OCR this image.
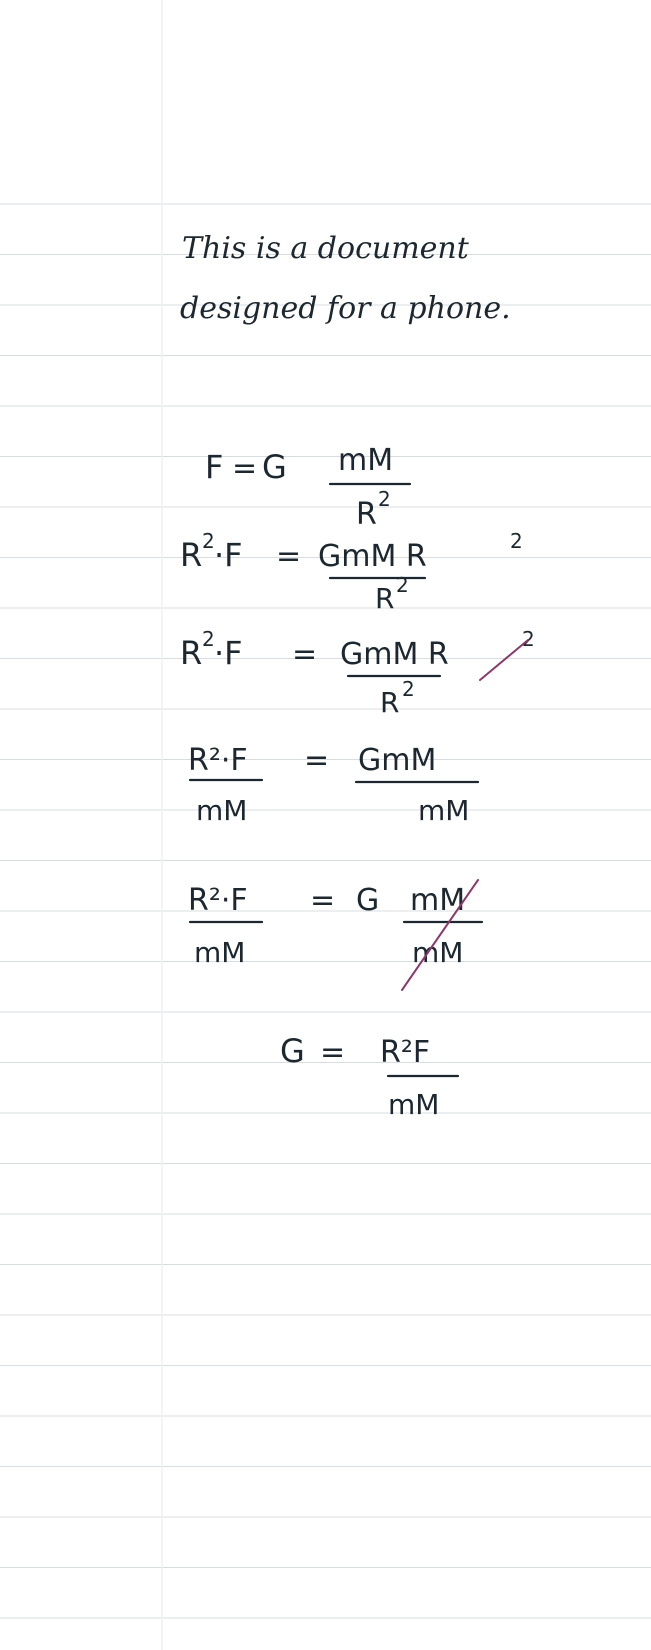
This is a document
designed for a phone.
F = G mM
R 2
R 2 ·F = GmM R	2
R 2
R 2 ·F = GmM R	2
R 2
R²·F
mM
= GmM
mM
R²·F
mM
= G mM
mM
G = R²F
mM
